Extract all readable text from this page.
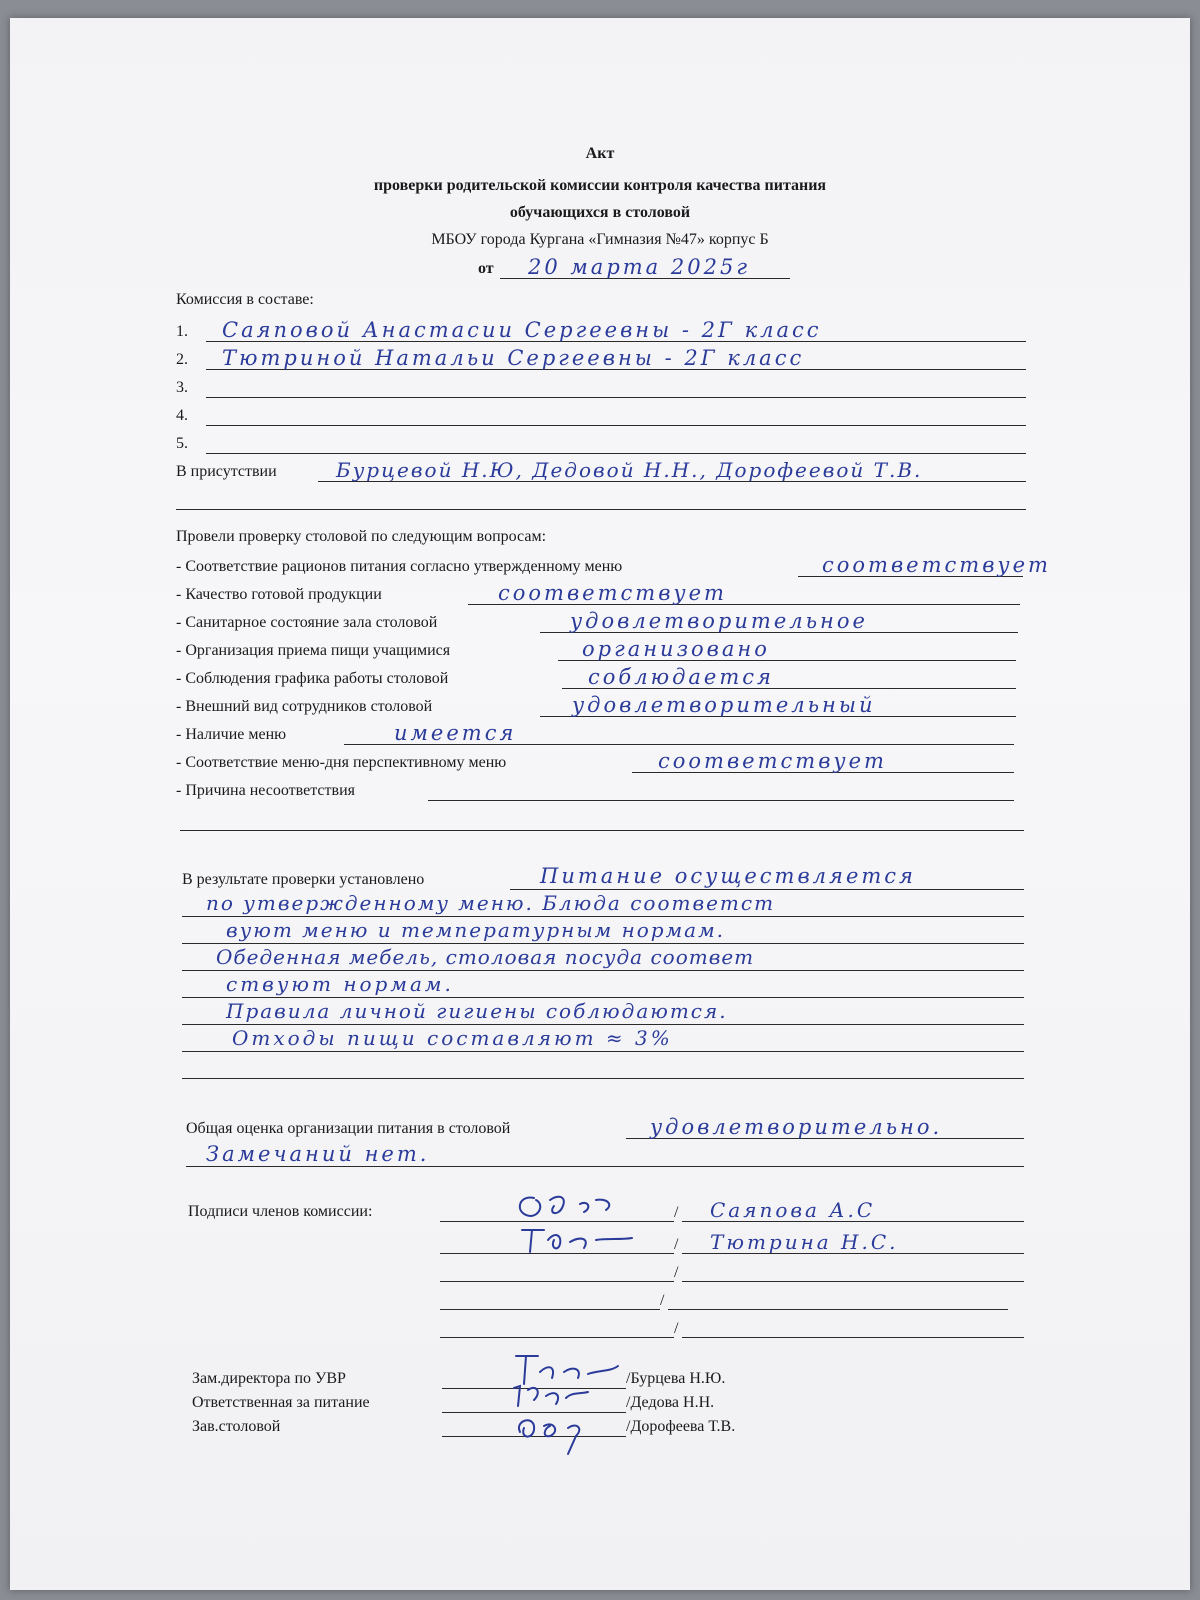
Акт
проверки родительской комиссии контроля качества питания
обучающихся в столовой
МБОУ города Кургана «Гимназия №47» корпус Б
от 20 марта 2025г
Комиссия в составе:
1. Саяповой Анастасии Сергеевны - 2Г класс
2. Тютриной Натальи Сергеевны - 2Г класс
3.
4.
5.
В присутствии	Бурцевой Н.Ю, Дедовой Н.Н., Дорофеевой Т.В.
Провели проверку столовой по следующим вопросам:
- Соответствие рационов питания согласно утвержденному меню	соответствует
- Качество готовой продукции	соответствует
- Санитарное состояние зала столовой	удовлетворительное
- Организация приема пищи учащимися	организовано
- Соблюдения графика работы столовой	соблюдается
- Внешний вид сотрудников столовой	удовлетворительный
- Наличие меню	имеется
- Соответствие меню-дня перспективному меню	соответствует
- Причина несоответствия
В результате проверки установлено	Питание осуществляется
по утвержденному меню. Блюда соответст
вуют меню и температурным нормам.
Обеденная мебель, столовая посуда соответ
ствуют нормам.
Правила личной гигиены соблюдаются.
Отходы пищи составляют ≈ 3%
Общая оценка организации питания в столовой	удовлетворительно.
Замечаний нет.
Подписи членов комиссии:	/ Саяпова А.С
/ Тютрина Н.С.
/
/
/
Зам.директора по УВР	/Бурцева Н.Ю.
Ответственная за питание	/Дедова Н.Н.
Зав.столовой	/Дорофеева Т.В.
